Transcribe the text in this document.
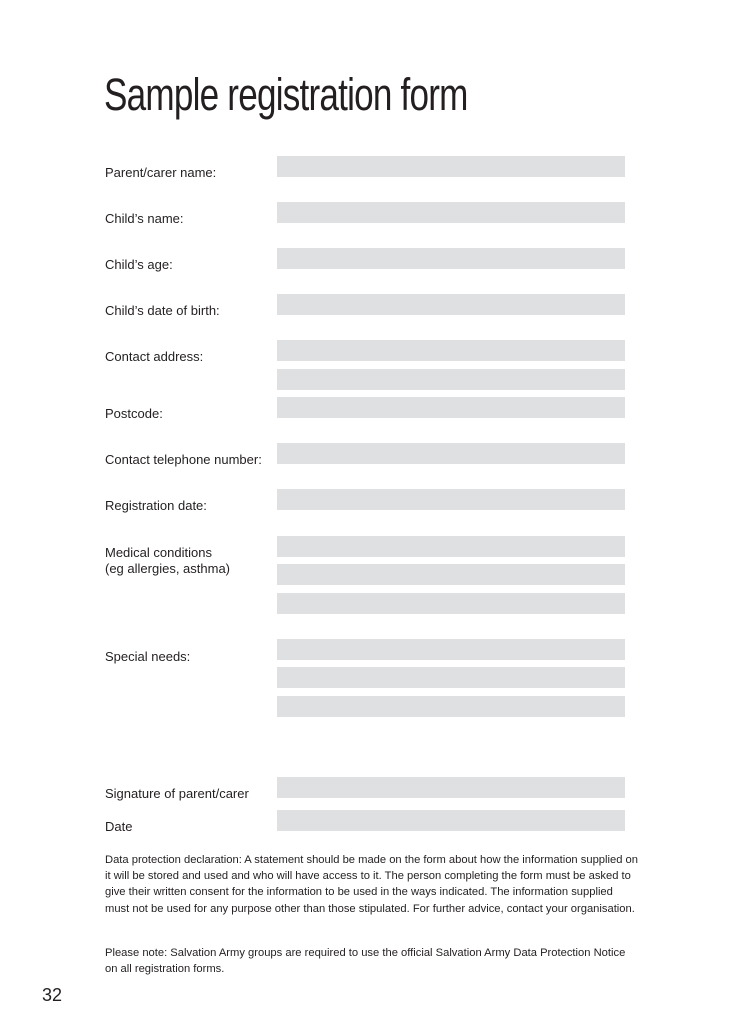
Sample registration form
Parent/carer name:
Child’s name:
Child’s age:
Child’s date of birth:
Contact address:
Postcode:
Contact telephone number:
Registration date:
Medical conditions
(eg allergies, asthma)
Special needs:
Signature of parent/carer
Date
Data protection declaration: A statement should be made on the form about how the information supplied on it will be stored and used and who will have access to it. The person completing the form must be asked to give their written consent for the information to be used in the ways indicated. The information supplied must not be used for any purpose other than those stipulated. For further advice, contact your organisation.
Please note: Salvation Army groups are required to use the official Salvation Army Data Protection Notice on all registration forms.
32
